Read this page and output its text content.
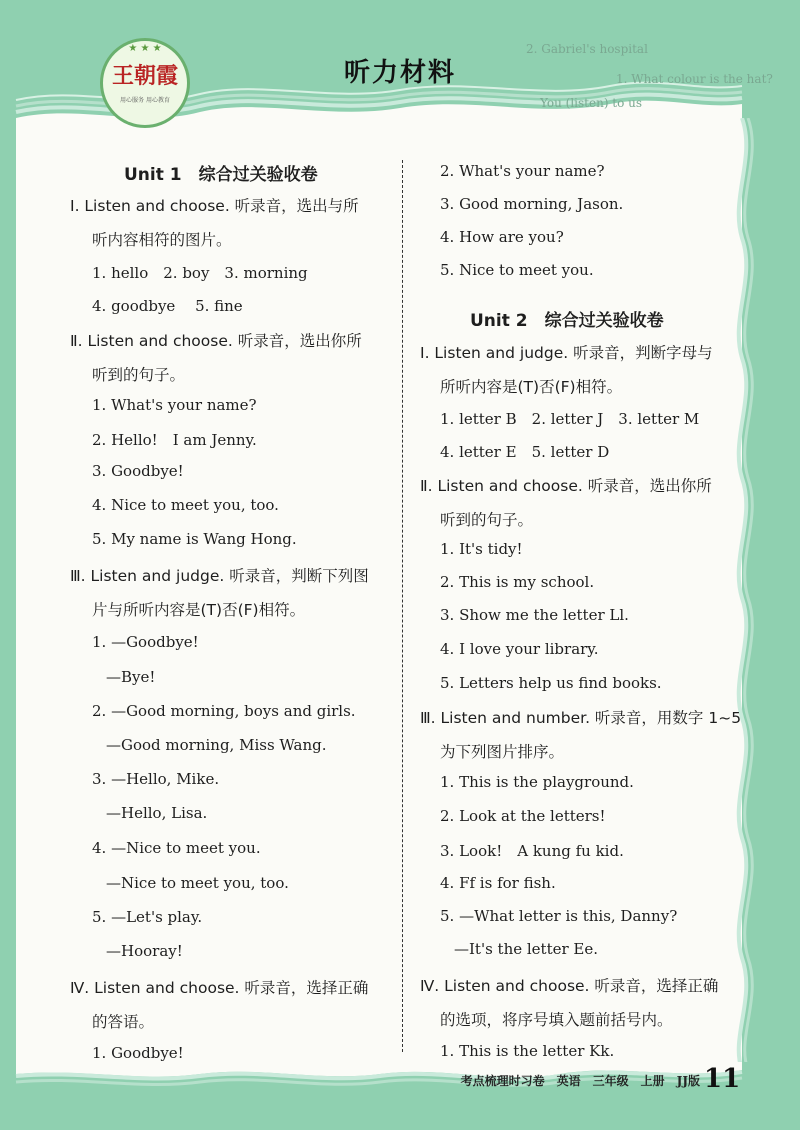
1. What colour is the hat?
2. Gabriel's hospital
You (listen) to us
★ ★ ★
王朝霞
用心服务 用心教育
听力材料
Unit 1　综合过关验收卷
Ⅰ. Listen and choose. 听录音，选出与所
听内容相符的图片。
1. hello　2. boy　3. morning
4. goodbye　 5. fine
Ⅱ. Listen and choose. 听录音，选出你所
听到的句子。
1. What's your name?
2. Hello!　I am Jenny.
3. Goodbye!
4. Nice to meet you, too.
5. My name is Wang Hong.
Ⅲ. Listen and judge. 听录音，判断下列图
片与所听内容是(T)否(F)相符。
1. —Goodbye!
—Bye!
2. —Good morning, boys and girls.
—Good morning, Miss Wang.
3. —Hello, Mike.
—Hello, Lisa.
4. —Nice to meet you.
—Nice to meet you, too.
5. —Let's play.
—Hooray!
Ⅳ. Listen and choose. 听录音，选择正确
的答语。
1. Goodbye!
2. What's your name?
3. Good morning, Jason.
4. How are you?
5. Nice to meet you.
Unit 2　综合过关验收卷
Ⅰ. Listen and judge. 听录音，判断字母与
所听内容是(T)否(F)相符。
1. letter B　2. letter J　3. letter M
4. letter E　5. letter D
Ⅱ. Listen and choose. 听录音，选出你所
听到的句子。
1. It's tidy!
2. This is my school.
3. Show me the letter Ll.
4. I love your library.
5. Letters help us find books.
Ⅲ. Listen and number. 听录音，用数字 1~5
为下列图片排序。
1. This is the playground.
2. Look at the letters!
3. Look!　A kung fu kid.
4. Ff is for fish.
5. —What letter is this, Danny?
—It's the letter Ee.
Ⅳ. Listen and choose. 听录音，选择正确
的选项，将序号填入题前括号内。
1. This is the letter Kk.
考点梳理时习卷　英语　三年级　上册　JJ版 11
